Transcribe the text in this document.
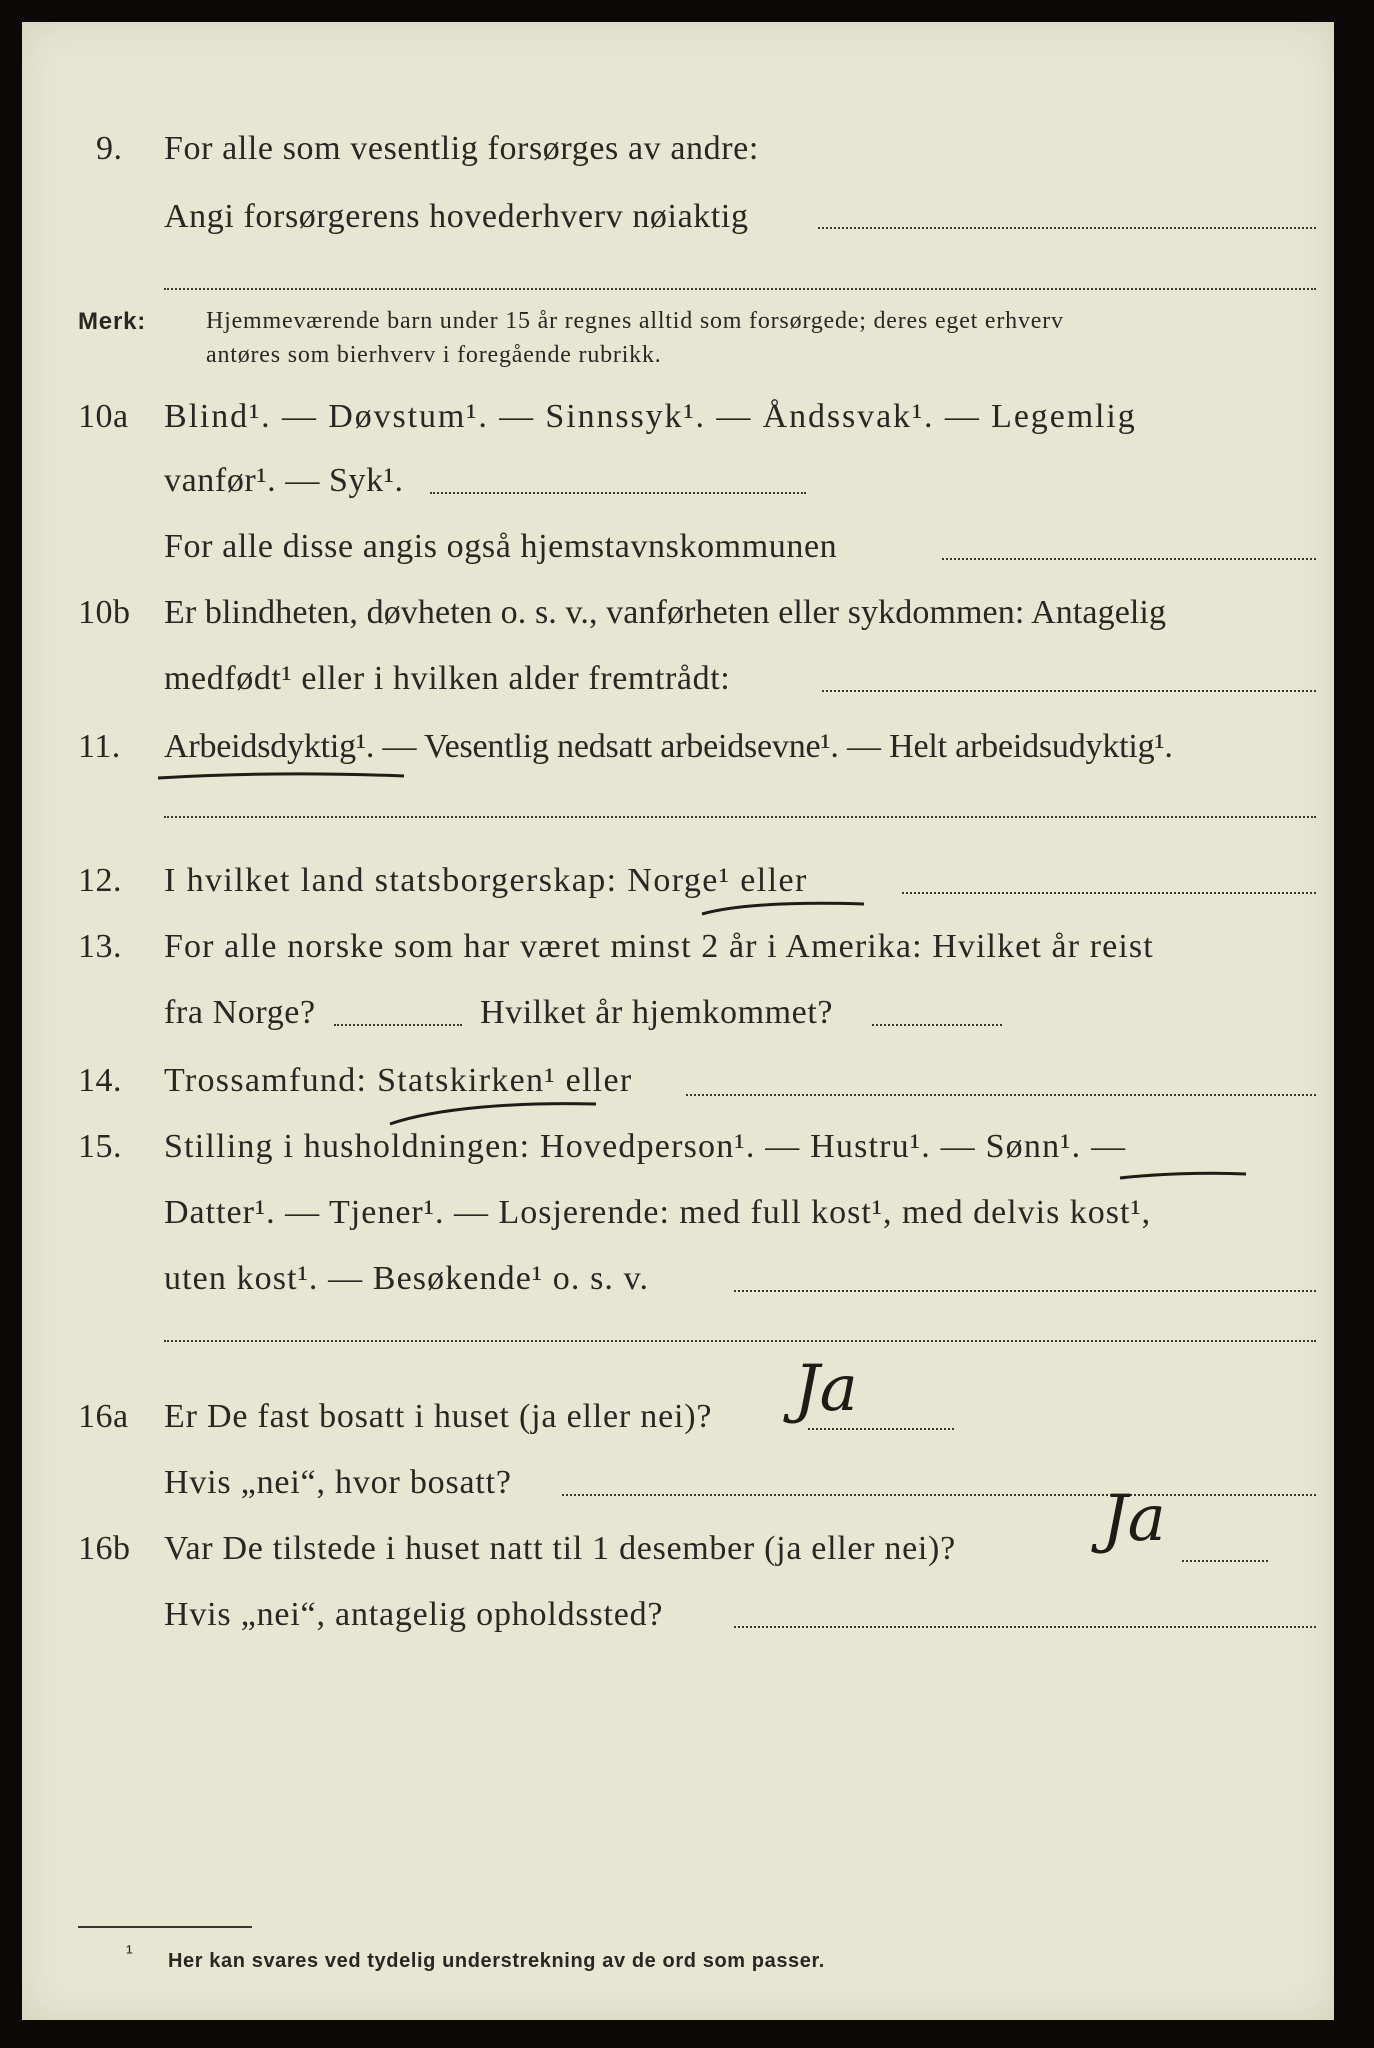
9. For alle som vesentlig forsørges av andre:
Angi forsørgerens hovederhverv nøiaktig
Merk: Hjemmeværende barn under 15 år regnes alltid som forsørgede; deres eget erhverv
antøres som bierhverv i foregående rubrikk.
10a Blind¹. — Døvstum¹. — Sinnssyk¹. — Åndssvak¹. — Legemlig
vanfør¹. — Syk¹.
For alle disse angis også hjemstavnskommunen
10b Er blindheten, døvheten o. s. v., vanførheten eller sykdommen: Antagelig
medfødt¹ eller i hvilken alder fremtrådt:
11. Arbeidsdyktig¹. — Vesentlig nedsatt arbeidsevne¹. — Helt arbeidsudyktig¹.
12. I hvilket land statsborgerskap: Norge¹ eller
13. For alle norske som har været minst 2 år i Amerika: Hvilket år reist
fra Norge?	Hvilket år hjemkommet?
14. Trossamfund: Statskirken¹ eller
15. Stilling i husholdningen: Hovedperson¹. — Hustru¹. — Sønn¹. —
Datter¹. — Tjener¹. — Losjerende: med full kost¹, med delvis kost¹,
uten kost¹. — Besøkende¹ o. s. v.
16a Er De fast bosatt i huset (ja eller nei)? Ja
Hvis „nei“, hvor bosatt?
16b Var De tilstede i huset natt til 1 desember (ja eller nei)? Ja
Hvis „nei“, antagelig opholdssted?
¹ Her kan svares ved tydelig understrekning av de ord som passer.
